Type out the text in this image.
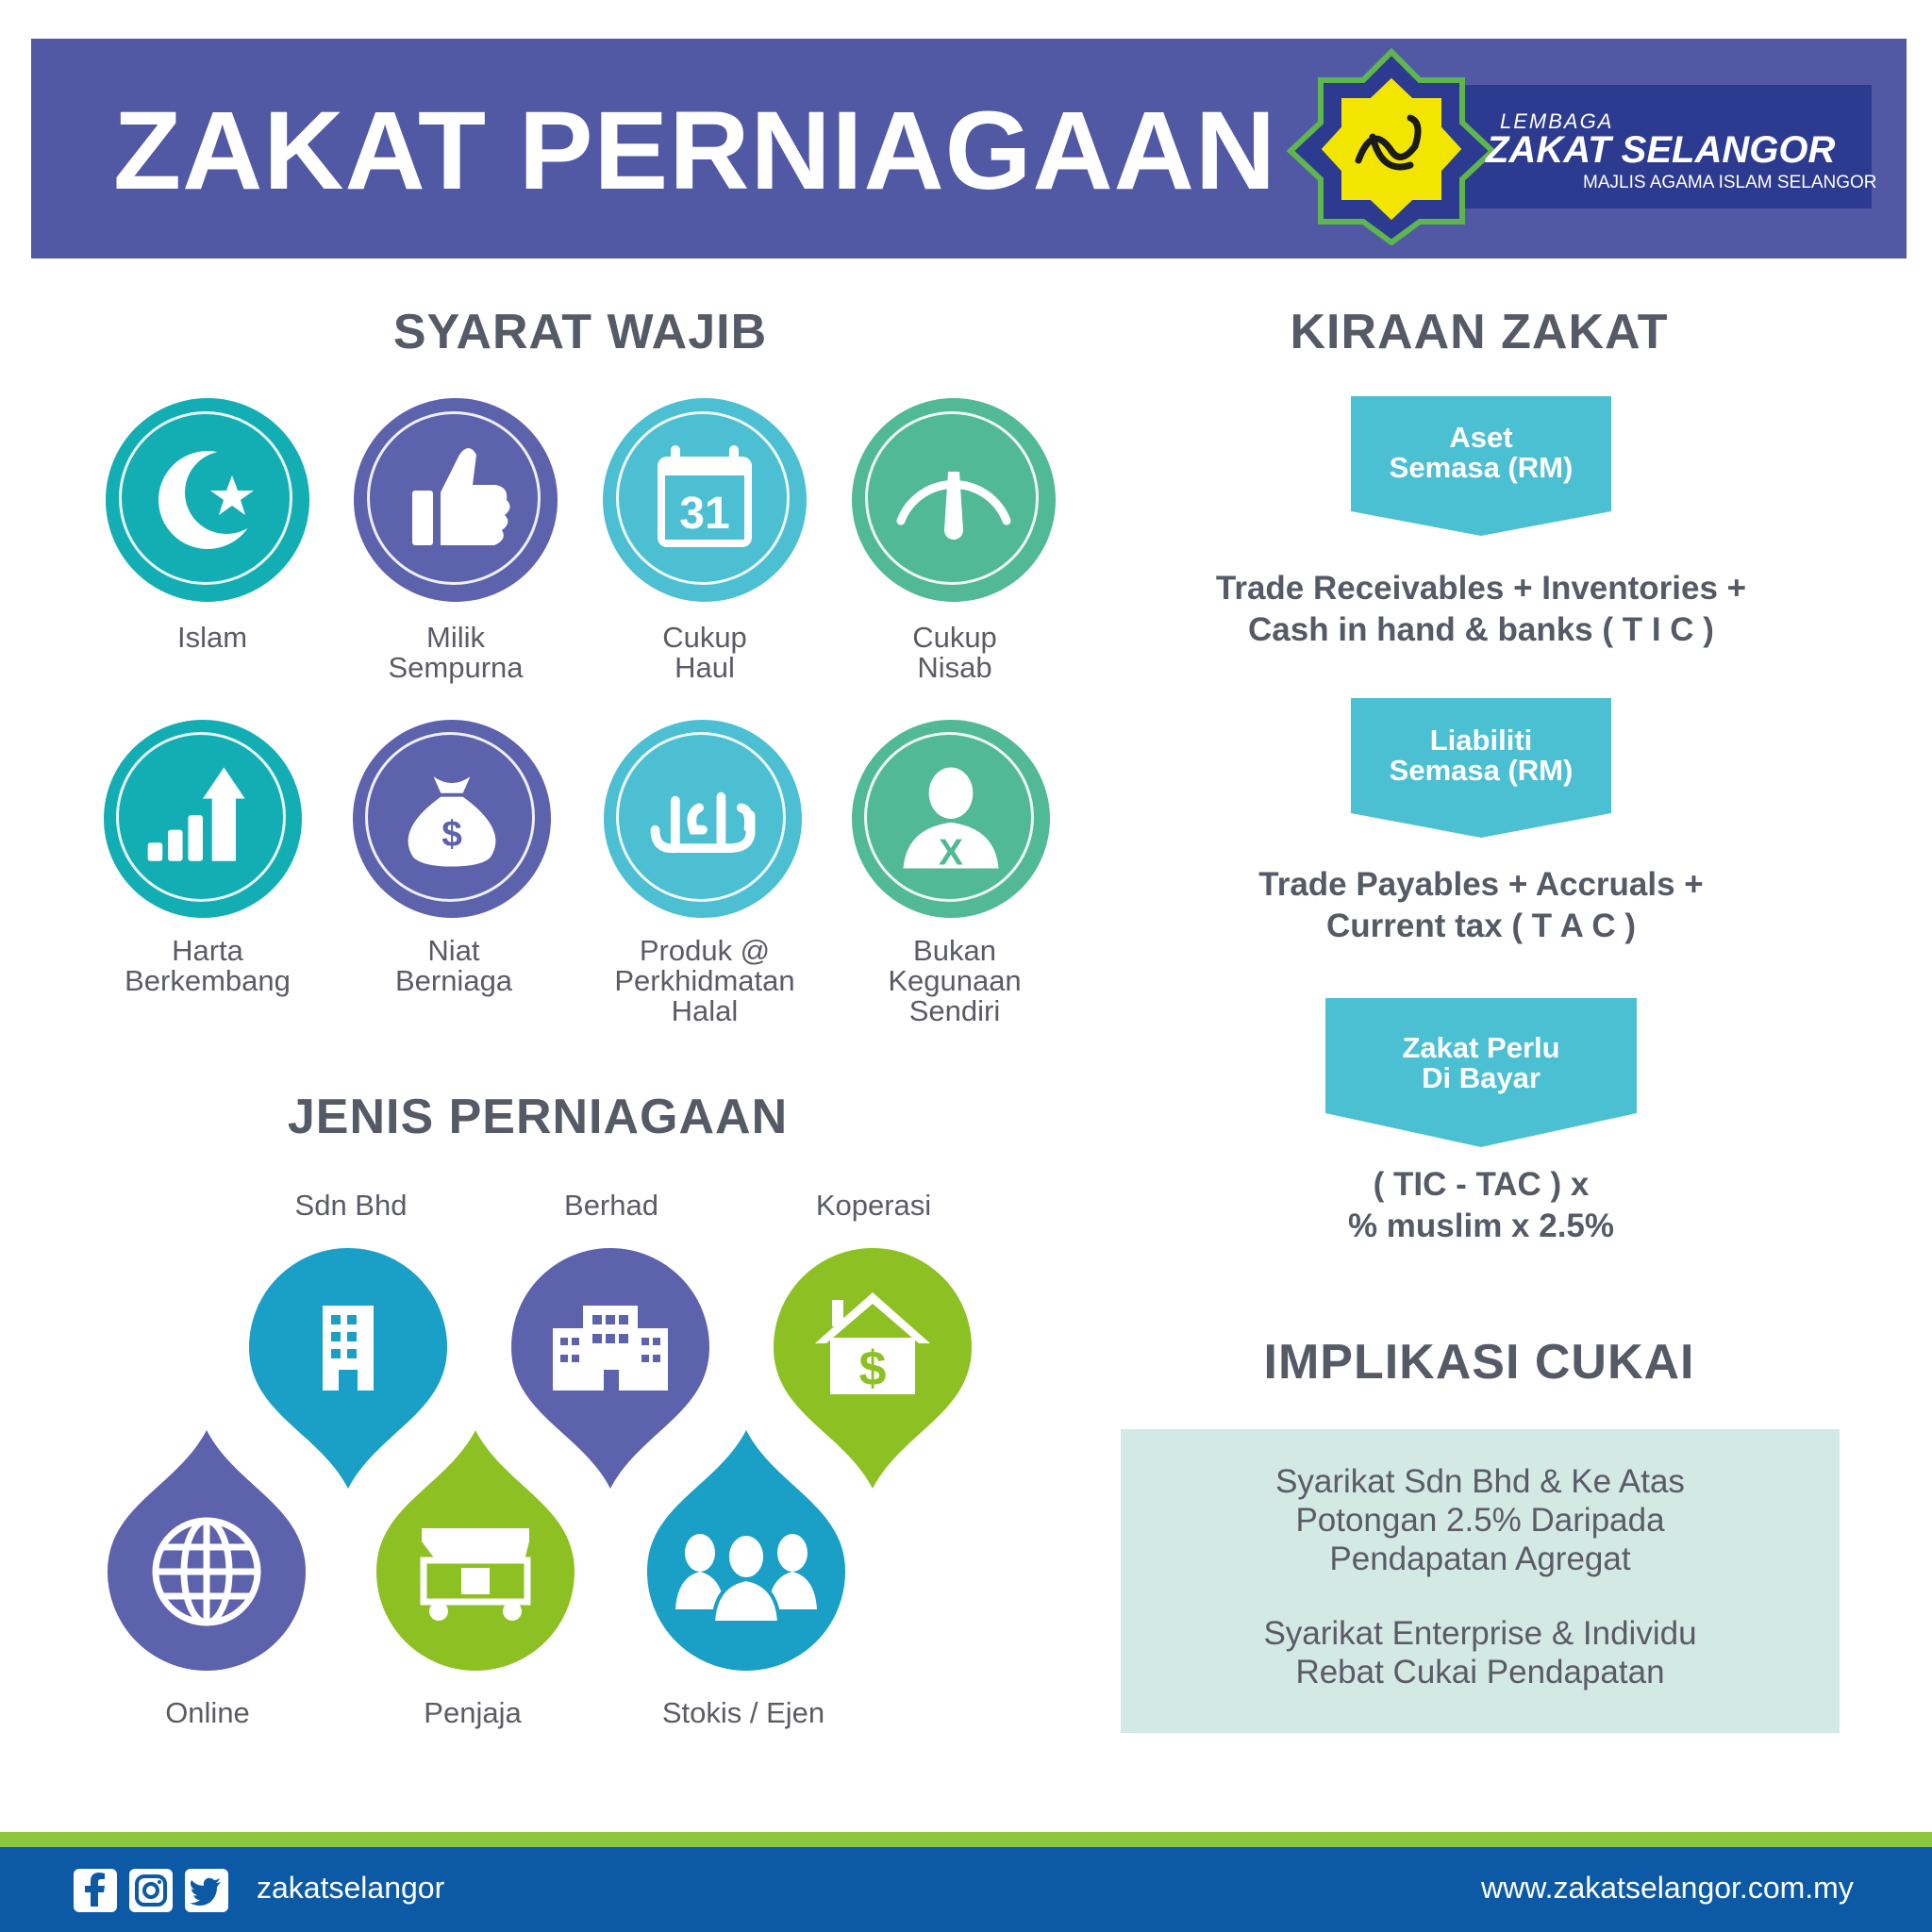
ZAKAT PERNIAGAAN	LEMBAGA
ZAKAT SELANGOR
MAJLIS AGAMA ISLAM SELANGOR
SYARAT WAJIB
31
Islam	Milik
Sempurna
Cukup
Haul
Cukup
Nisab
$	X
Harta
Berkembang
Niat
Berniaga
Produk @
Perkhidmatan
Halal
Bukan
Kegunaan
Sendiri
JENIS PERNIAGAAN
Sdn Bhd	Berhad	Koperasi
$
Online	Penjaja	Stokis / Ejen
KIRAAN ZAKAT
Aset
Semasa (RM)
Trade Receivables + Inventories +
Cash in hand & banks ( T I C )
Liabiliti
Semasa (RM)
Trade Payables + Accruals +
Current tax ( T A C )
Zakat Perlu
Di Bayar
( TIC - TAC ) x
% muslim x 2.5%
IMPLIKASI CUKAI
Syarikat Sdn Bhd & Ke Atas
Potongan 2.5% Daripada
Pendapatan Agregat
Syarikat Enterprise & Individu
Rebat Cukai Pendapatan
zakatselangor	www.zakatselangor.com.my
